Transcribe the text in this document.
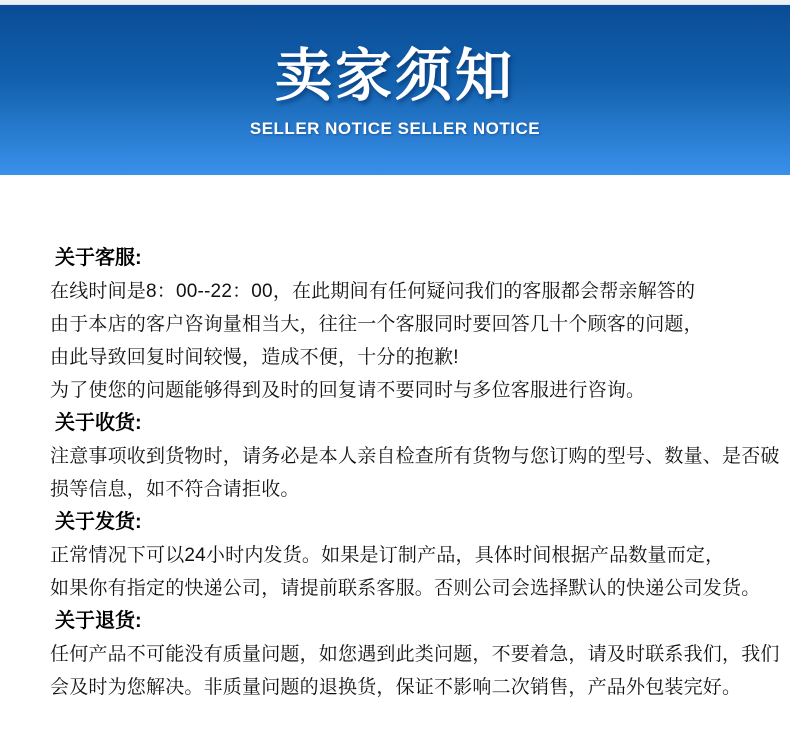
卖家须知
SELLER NOTICE SELLER NOTICE
关于客服:

在线时间是8：00--22：00，在此期间有任何疑问我们的客服都会帮亲解答的

由于本店的客户咨询量相当大，往往一个客服同时要回答几十个顾客的问题，

由此导致回复时间较慢，造成不便，十分的抱歉!

为了使您的问题能够得到及时的回复请不要同时与多位客服进行咨询。

关于收货:

注意事项收到货物时，请务必是本人亲自检查所有货物与您订购的型号、数量、是否破

损等信息，如不符合请拒收。

关于发货:

正常情况下可以24小时内发货。如果是订制产品，具体时间根据产品数量而定，

如果你有指定的快递公司，请提前联系客服。否则公司会选择默认的快递公司发货。

关于退货:

任何产品不可能没有质量问题，如您遇到此类问题，不要着急，请及时联系我们，我们

会及时为您解决。非质量问题的退换货，保证不影响二次销售，产品外包装完好。
